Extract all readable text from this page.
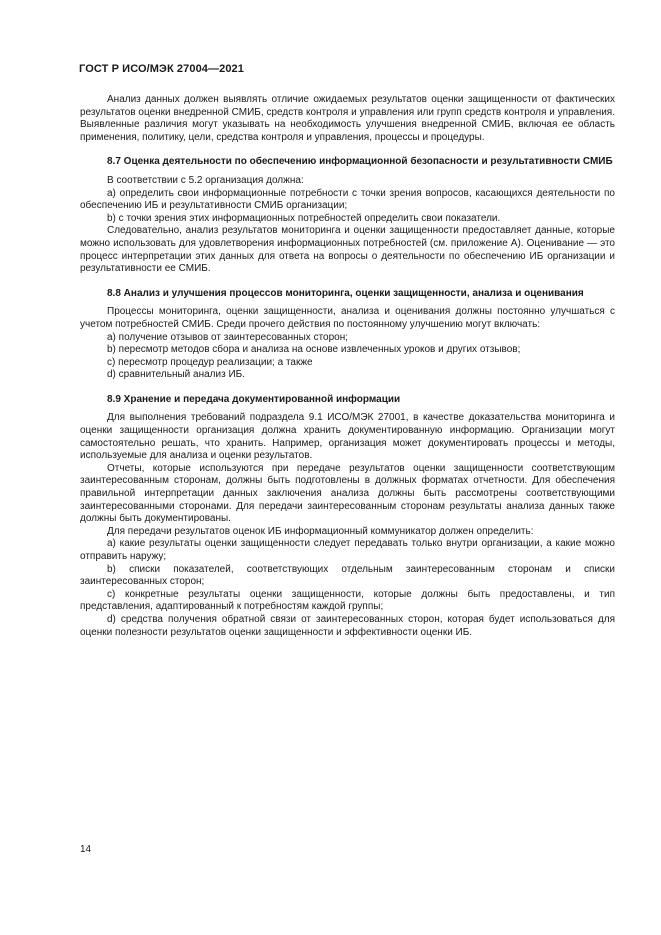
ГОСТ Р ИСО/МЭК 27004—2021

Анализ данных должен выявлять отличие ожидаемых результатов оценки защищенности от фактических результатов оценки внедренной СМИБ, средств контроля и управления или групп средств контроля и управления. Выявленные различия могут указывать на необходимость улучшения внедренной СМИБ, включая ее область применения, политику, цели, средства контроля и управления, процессы и процедуры.

8.7 Оценка деятельности по обеспечению информационной безопасности и результативности СМИБ

В соответствии с 5.2 организация должна:

a) определить свои информационные потребности с точки зрения вопросов, касающихся деятельности по обеспечению ИБ и результативности СМИБ организации;

b) с точки зрения этих информационных потребностей определить свои показатели.

Следовательно, анализ результатов мониторинга и оценки защищенности предоставляет данные, которые можно использовать для удовлетворения информационных потребностей (см. приложение А). Оценивание — это процесс интерпретации этих данных для ответа на вопросы о деятельности по обеспечению ИБ организации и результативности ее СМИБ.

8.8 Анализ и улучшения процессов мониторинга, оценки защищенности, анализа и оценивания

Процессы мониторинга, оценки защищенности, анализа и оценивания должны постоянно улучшаться с учетом потребностей СМИБ. Среди прочего действия по постоянному улучшению могут включать:

a) получение отзывов от заинтересованных сторон;

b) пересмотр методов сбора и анализа на основе извлеченных уроков и других отзывов;

c) пересмотр процедур реализации; а также

d) сравнительный анализ ИБ.

8.9 Хранение и передача документированной информации

Для выполнения требований подраздела 9.1 ИСО/МЭК 27001, в качестве доказательства мониторинга и оценки защищенности организация должна хранить документированную информацию. Организации могут самостоятельно решать, что хранить. Например, организация может документировать процессы и методы, используемые для анализа и оценки результатов.

Отчеты, которые используются при передаче результатов оценки защищенности соответствующим заинтересованным сторонам, должны быть подготовлены в должных форматах отчетности. Для обеспечения правильной интерпретации данных заключения анализа должны быть рассмотрены соответствующими заинтересованными сторонами. Для передачи заинтересованным сторонам результаты анализа данных также должны быть документированы.

Для передачи результатов оценок ИБ информационный коммуникатор должен определить:

a) какие результаты оценки защищенности следует передавать только внутри организации, а какие можно отправить наружу;

b) списки показателей, соответствующих отдельным заинтересованным сторонам и списки заинтересованных сторон;

c) конкретные результаты оценки защищенности, которые должны быть предоставлены, и тип представления, адаптированный к потребностям каждой группы;

d) средства получения обратной связи от заинтересованных сторон, которая будет использоваться для оценки полезности результатов оценки защищенности и эффективности оценки ИБ.

14
